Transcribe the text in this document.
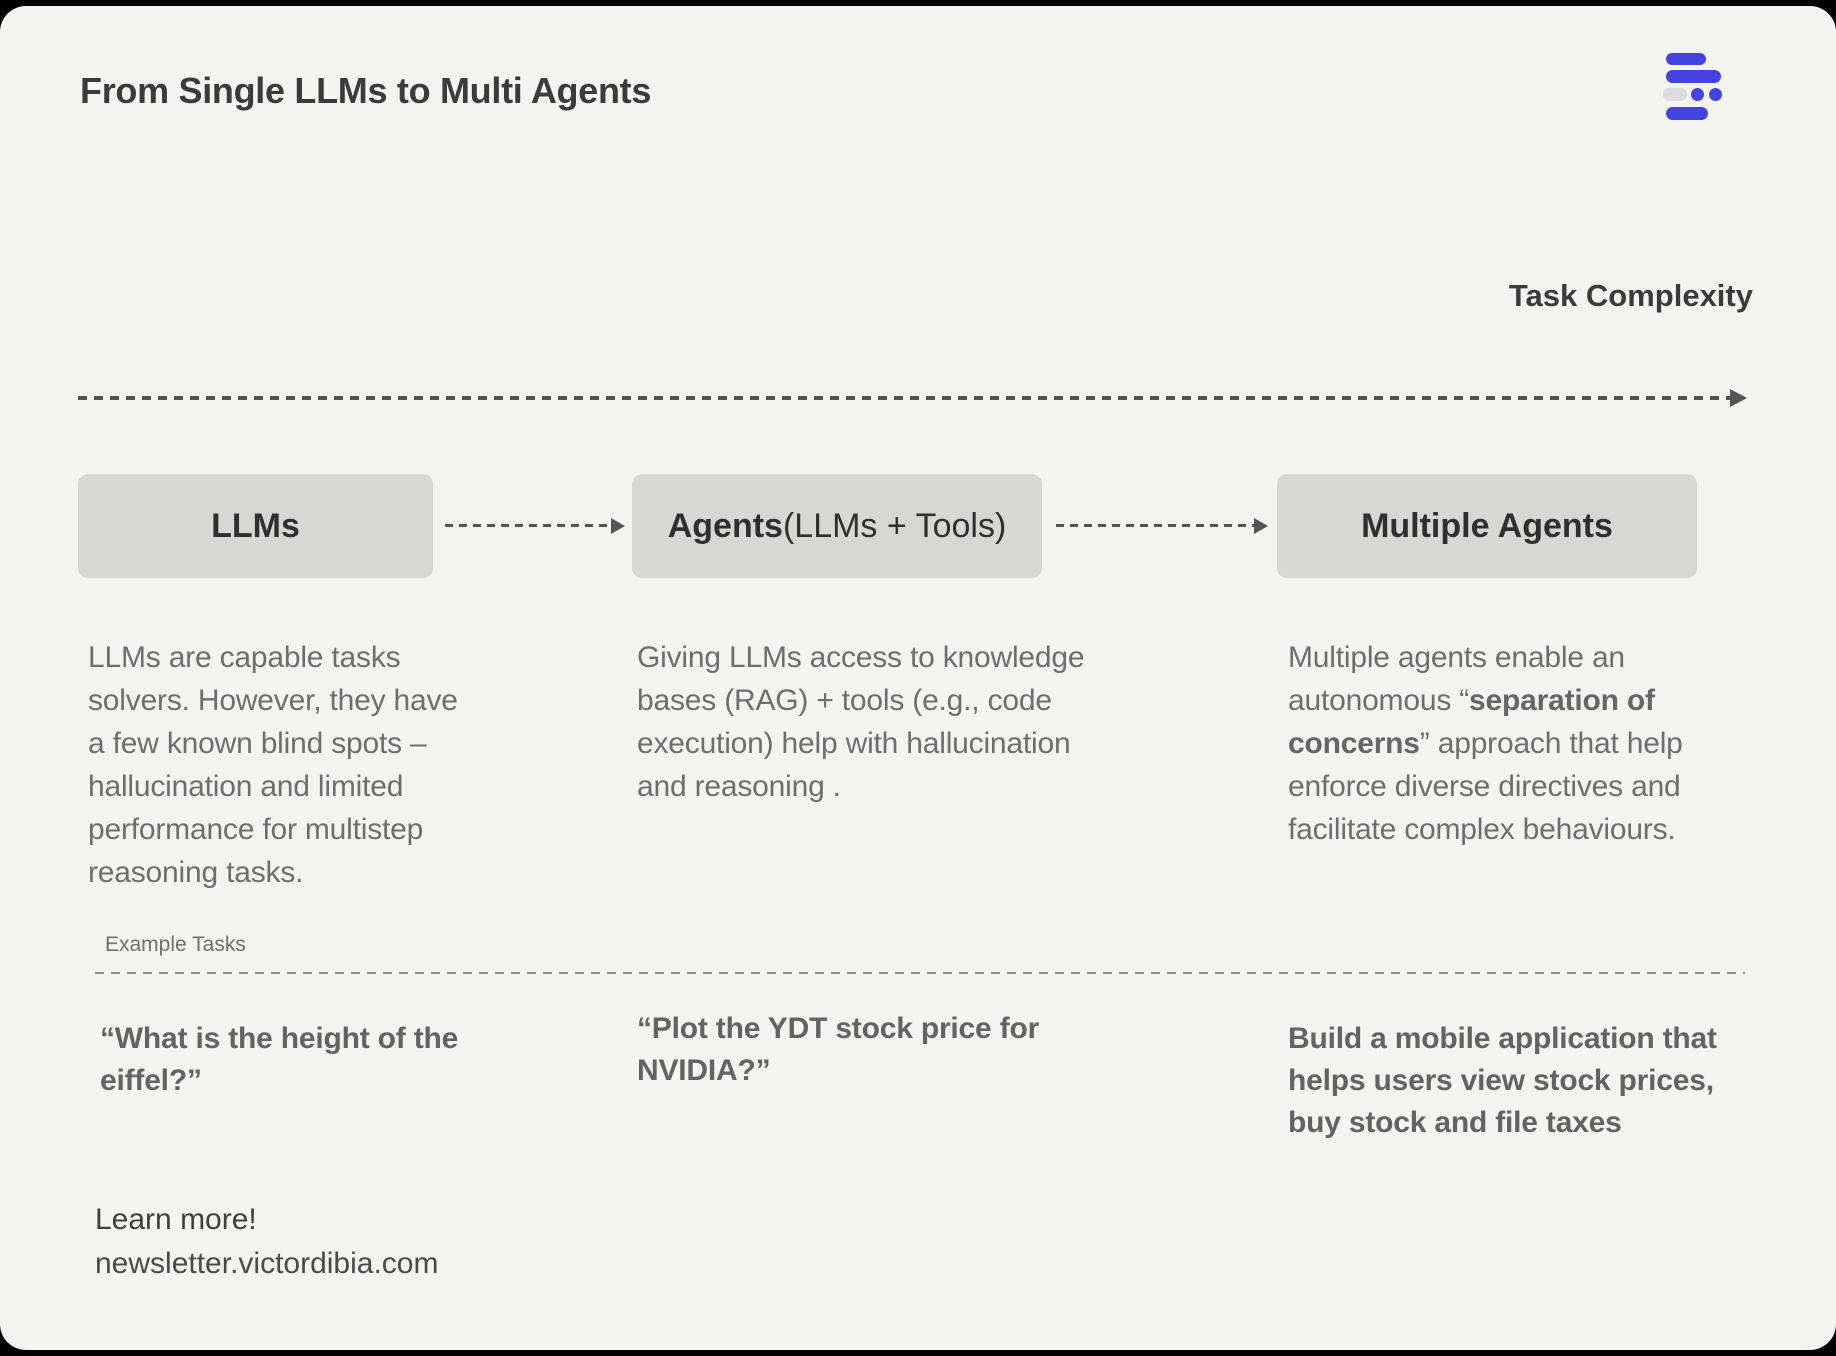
From Single LLMs to Multi Agents
Task Complexity
LLMs	Agents (LLMs + Tools)	Multiple Agents
LLMs are capable tasks solvers. However, they have a few known blind spots – hallucination and limited performance for multistep reasoning tasks.
Giving LLMs access to knowledge bases (RAG) + tools (e.g., code execution) help with hallucination and reasoning .
Multiple agents enable an autonomous “separation of concerns” approach that help enforce diverse directives and facilitate complex behaviours.
Example Tasks
“What is the height of the eiffel?”
“Plot the YDT stock price for NVIDIA?”
Build a mobile application that helps users view stock prices, buy stock and file taxes
Learn more!
newsletter.victordibia.com
